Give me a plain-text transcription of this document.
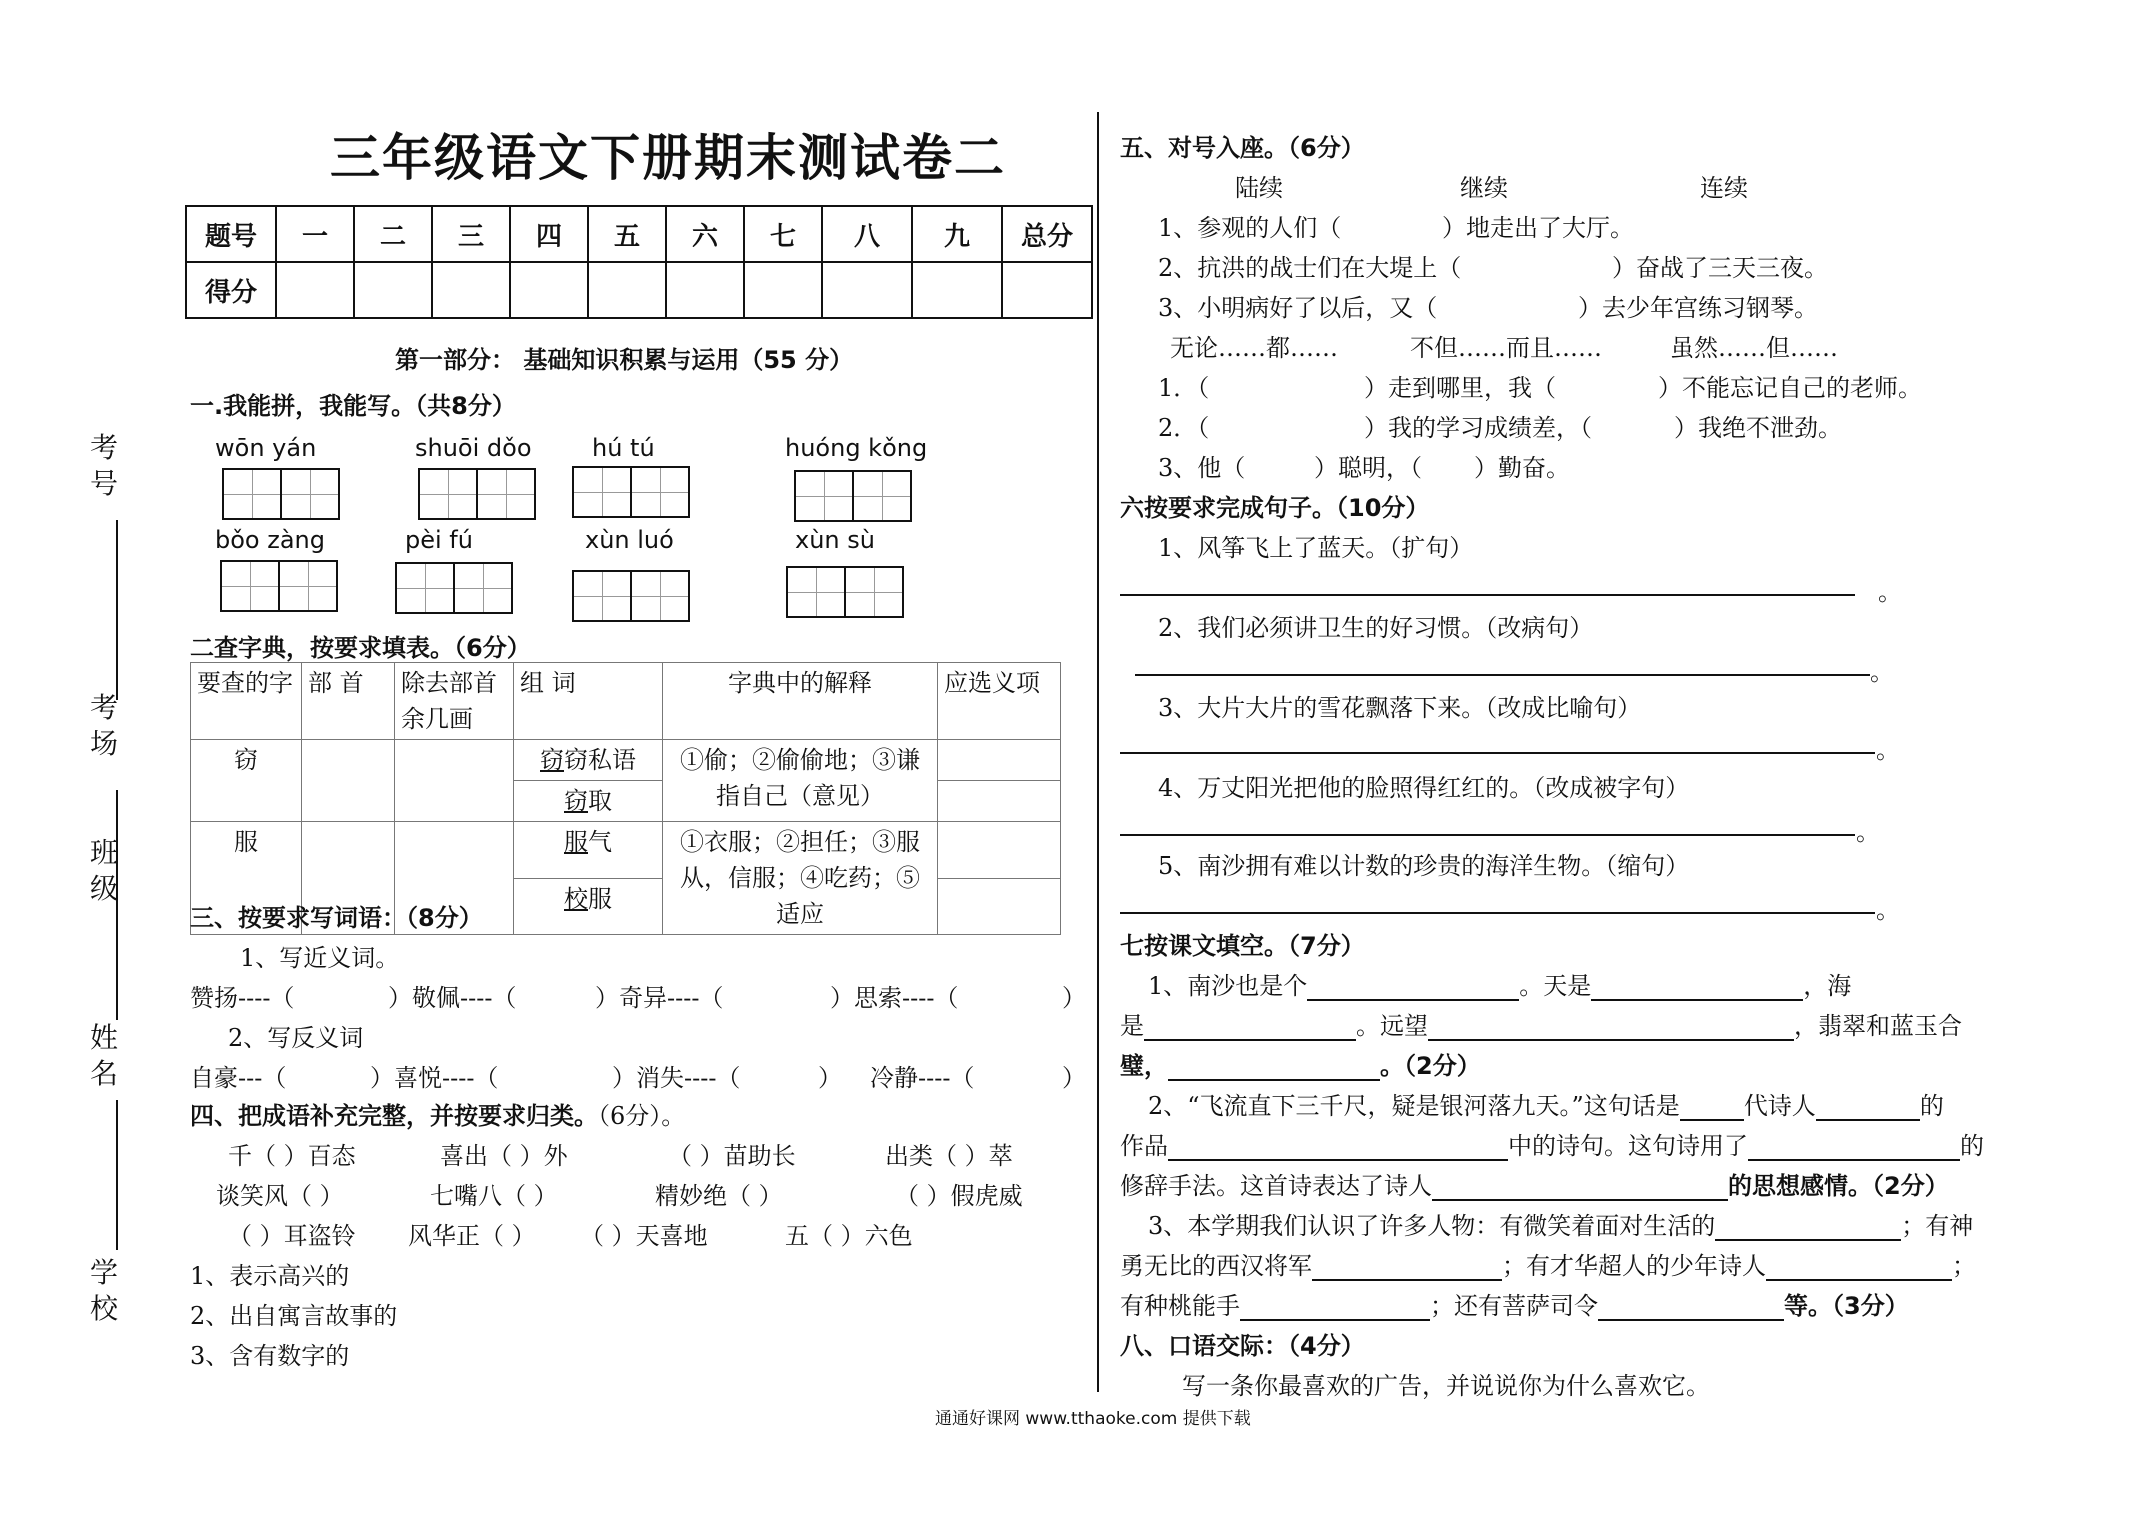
考号
考场
班级
姓名
学校
三年级语文下册期末测试卷二
题号	一	二	三	四	五	六	七	八	九	总分
得分										
第一部分： 基础知识积累与运用（55 分）
一.我能拼，我能写。（共8分）
wōn yán	shuōi dǒo	hú tú	huóng kǒng
bǒo zàng	pèi fú	xùn luó	xùn sù
二查字典，按要求填表。（6分）
要查的字	部 首	除去部首余几画	组 词	字典中的解释	应选义项
窃			窃窃私语	①偷；②偷偷地；③谦指自己（意见）	
			窃取		
服			服气	①衣服；②担任；③服从，信服；④吃药；⑤适应	
			校服		
三、按要求写词语：（8分）
1、写近义词。
赞扬----（	）敬佩----（	）奇异----（	）思索----（	）
2、写反义词
自豪---（	）喜悦----（	）消失----（	） 冷静----（	）
四、把成语补充完整，并按要求归类。（6分）。
千（ ）百态	喜出（ ）外	（ ）苗助长	出类（ ）萃
谈笑风（ ）	七嘴八（ ）	精妙绝（ ）	（ ）假虎威
（ ）耳盗铃 风华正（ ） （ ）天喜地	五（ ）六色
1、表示高兴的
2、出自寓言故事的
3、含有数字的
五、对号入座。（6分）
陆续	继续	连续
1、参观的人们（	）地走出了大厅。
2、抗洪的战士们在大堤上（	）奋战了三天三夜。
3、小明病好了以后，又（	）去少年宫练习钢琴。
无论……都……	不但……而且……	虽然……但……
1．（	）走到哪里，我（	）不能忘记自己的老师。
2．（	）我的学习成绩差，（	）我绝不泄劲。
3、他（	）聪明，（ ）勤奋。
六按要求完成句子。（10分）
1、风筝飞上了蓝天。（扩句）
。
2、我们必须讲卫生的好习惯。（改病句）
。
3、大片大片的雪花飘落下来。（改成比喻句）
。
4、万丈阳光把他的脸照得红红的。（改成被字句）
。
5、南沙拥有难以计数的珍贵的海洋生物。（缩句）
。
七按课文填空。（7分）
1、南沙也是个	。天是	，海
是	。远望	，翡翠和蓝玉合
璧，	。（2分）
2、“飞流直下三千尺，疑是银河落九天。”这句话是	代诗人	的
作品	中的诗句。这句诗用了	的
修辞手法。这首诗表达了诗人	的思想感情。（2分）
3、本学期我们认识了许多人物：有微笑着面对生活的	；有神
勇无比的西汉将军	；有才华超人的少年诗人	；
有种桃能手	；还有菩萨司令	等。（3分）
八、口语交际：（4分）
写一条你最喜欢的广告，并说说你为什么喜欢它。
通通好课网 www.tthaoke.com 提供下载
